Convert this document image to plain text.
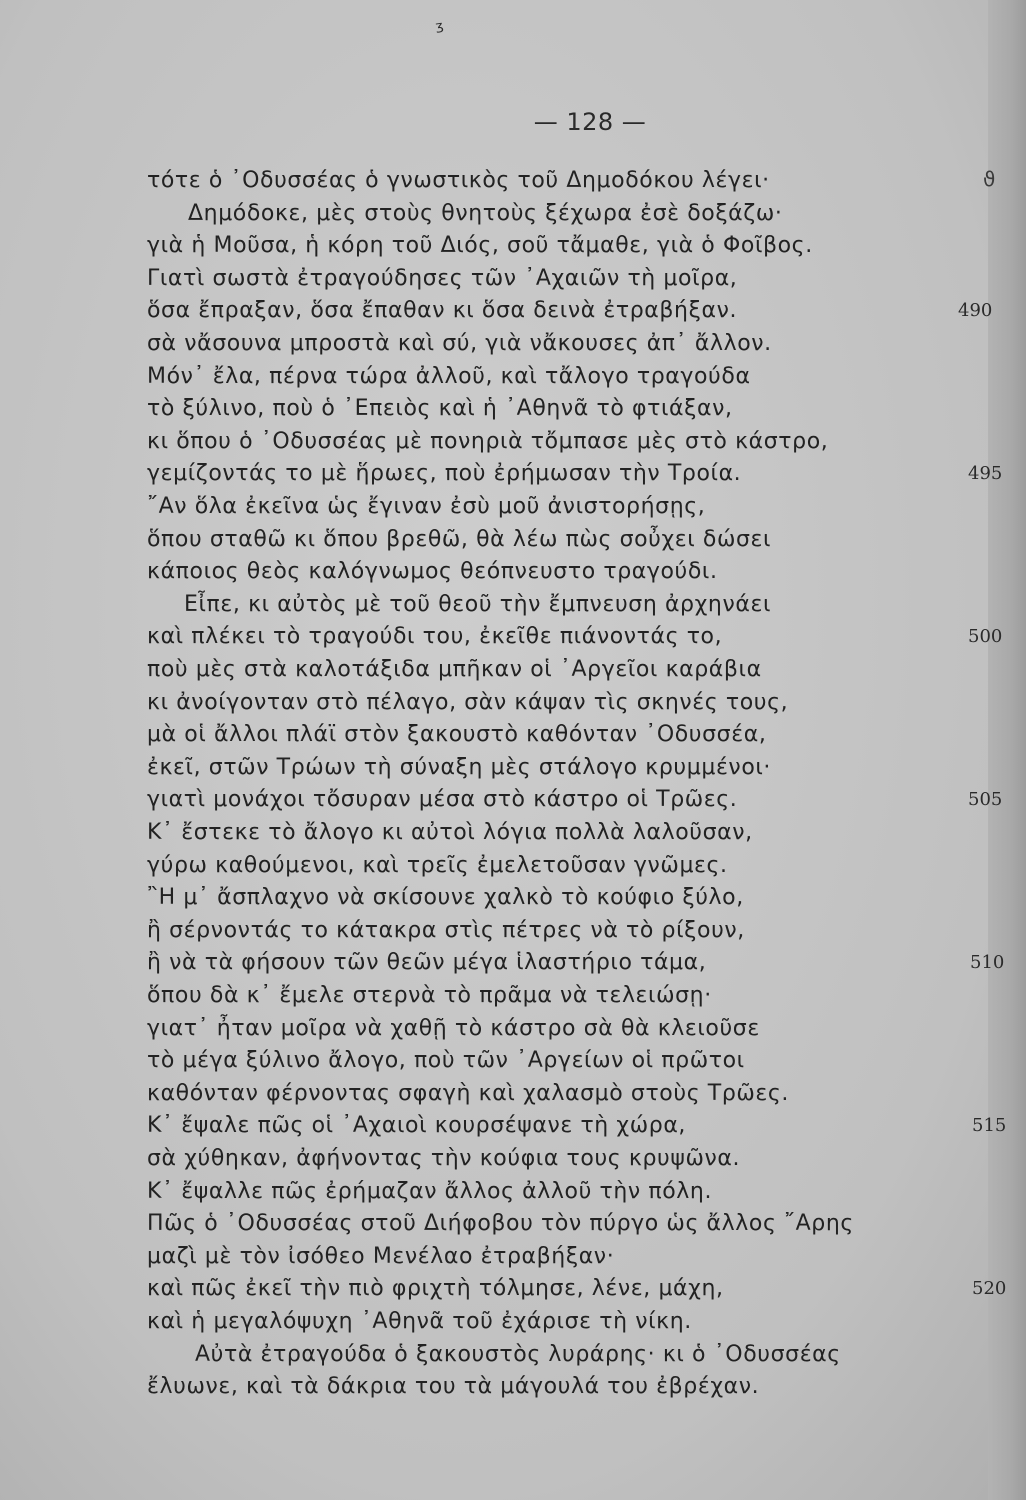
ᶾ
— 128 —
ϑ
τότε ὁ ᾿Οδυσσέας ὁ γνωστικὸς τοῦ Δημοδόκου λέγει·
Δημόδοκε, μὲς στοὺς θνητοὺς ξέχωρα ἐσὲ δοξάζω·
γιὰ ἡ Μοῦσα, ἡ κόρη τοῦ Διός, σοῦ τἄμαθε, γιὰ ὁ Φοῖβος.
Γιατὶ σωστὰ ἐτραγούδησες τῶν ᾿Αχαιῶν τὴ μοῖρα,
ὅσα ἔπραξαν, ὅσα ἔπαθαν κι ὅσα δεινὰ ἐτραβήξαν.
σὰ νἄσουνα μπροστὰ καὶ σύ, γιὰ νἄκουσες ἀπ᾿ ἄλλον.
Μόν᾿ ἔλα, πέρνα τώρα ἀλλοῦ, καὶ τἄλογο τραγούδα
τὸ ξύλινο, ποὺ ὁ ᾿Επειὸς καὶ ἡ ᾿Αθηνᾶ τὸ φτιάξαν,
κι ὅπου ὁ ᾿Οδυσσέας μὲ πονηριὰ τὄμπασε μὲς στὸ κάστρο,
γεμίζοντάς το μὲ ἥρωες, ποὺ ἐρήμωσαν τὴν Τροία.
῎Αν ὅλα ἐκεῖνα ὡς ἔγιναν ἐσὺ μοῦ ἀνιστορήσῃς,
ὅπου σταθῶ κι ὅπου βρεθῶ, θὰ λέω πὼς σοὖχει δώσει
κάποιος θεὸς καλόγνωμος θεόπνευστο τραγούδι.
Εἶπε, κι αὐτὸς μὲ τοῦ θεοῦ τὴν ἔμπνευση ἀρχηνάει
καὶ πλέκει τὸ τραγούδι του, ἐκεῖθε πιάνοντάς το,
ποὺ μὲς στὰ καλοτάξιδα μπῆκαν οἱ ᾿Αργεῖοι καράβια
κι ἀνοίγονταν στὸ πέλαγο, σὰν κάψαν τὶς σκηνές τους,
μὰ οἱ ἄλλοι πλάϊ στὸν ξακουστὸ καθόνταν ᾿Οδυσσέα,
ἐκεῖ, στῶν Τρώων τὴ σύναξη μὲς στάλογο κρυμμένοι·
γιατὶ μονάχοι τὄσυραν μέσα στὸ κάστρο οἱ Τρῶες.
Κ᾿ ἔστεκε τὸ ἄλογο κι αὐτοὶ λόγια πολλὰ λαλοῦσαν,
γύρω καθούμενοι, καὶ τρεῖς ἐμελετοῦσαν γνῶμες.
῍Η μ᾿ ἄσπλαχνο νὰ σκίσουνε χαλκὸ τὸ κούφιο ξύλο,
ἢ σέρνοντάς το κάτακρα στὶς πέτρες νὰ τὸ ρίξουν,
ἢ νὰ τὰ φήσουν τῶν θεῶν μέγα ἱλαστήριο τάμα,
ὅπου δὰ κ᾿ ἔμελε στερνὰ τὸ πρᾶμα νὰ τελειώσῃ·
γιατ᾿ ἦταν μοῖρα νὰ χαθῇ τὸ κάστρο σὰ θὰ κλειοῦσε
τὸ μέγα ξύλινο ἄλογο, ποὺ τῶν ᾿Αργείων οἱ πρῶτοι
καθόνταν φέρνοντας σφαγὴ καὶ χαλασμὸ στοὺς Τρῶες.
Κ᾿ ἔψαλε πῶς οἱ ᾿Αχαιοὶ κουρσέψανε τὴ χώρα,
σὰ χύθηκαν, ἀφήνοντας τὴν κούφια τους κρυψῶνα.
Κ᾿ ἔψαλλε πῶς ἐρήμαζαν ἄλλος ἀλλοῦ τὴν πόλη.
Πῶς ὁ ᾿Οδυσσέας στοῦ Διήφοβου τὸν πύργο ὡς ἄλλος ῎Αρης
μαζὶ μὲ τὸν ἰσόθεο Μενέλαο ἐτραβήξαν·
καὶ πῶς ἐκεῖ τὴν πιὸ φριχτὴ τόλμησε, λένε, μάχη,
καὶ ἡ μεγαλόψυχη ᾿Αθηνᾶ τοῦ ἐχάρισε τὴ νίκη.
Αὐτὰ ἐτραγούδα ὁ ξακουστὸς λυράρης· κι ὁ ᾿Οδυσσέας
ἔλυωνε, καὶ τὰ δάκρια του τὰ μάγουλά του ἐβρέχαν.
490
495
500
505
510
515
520
